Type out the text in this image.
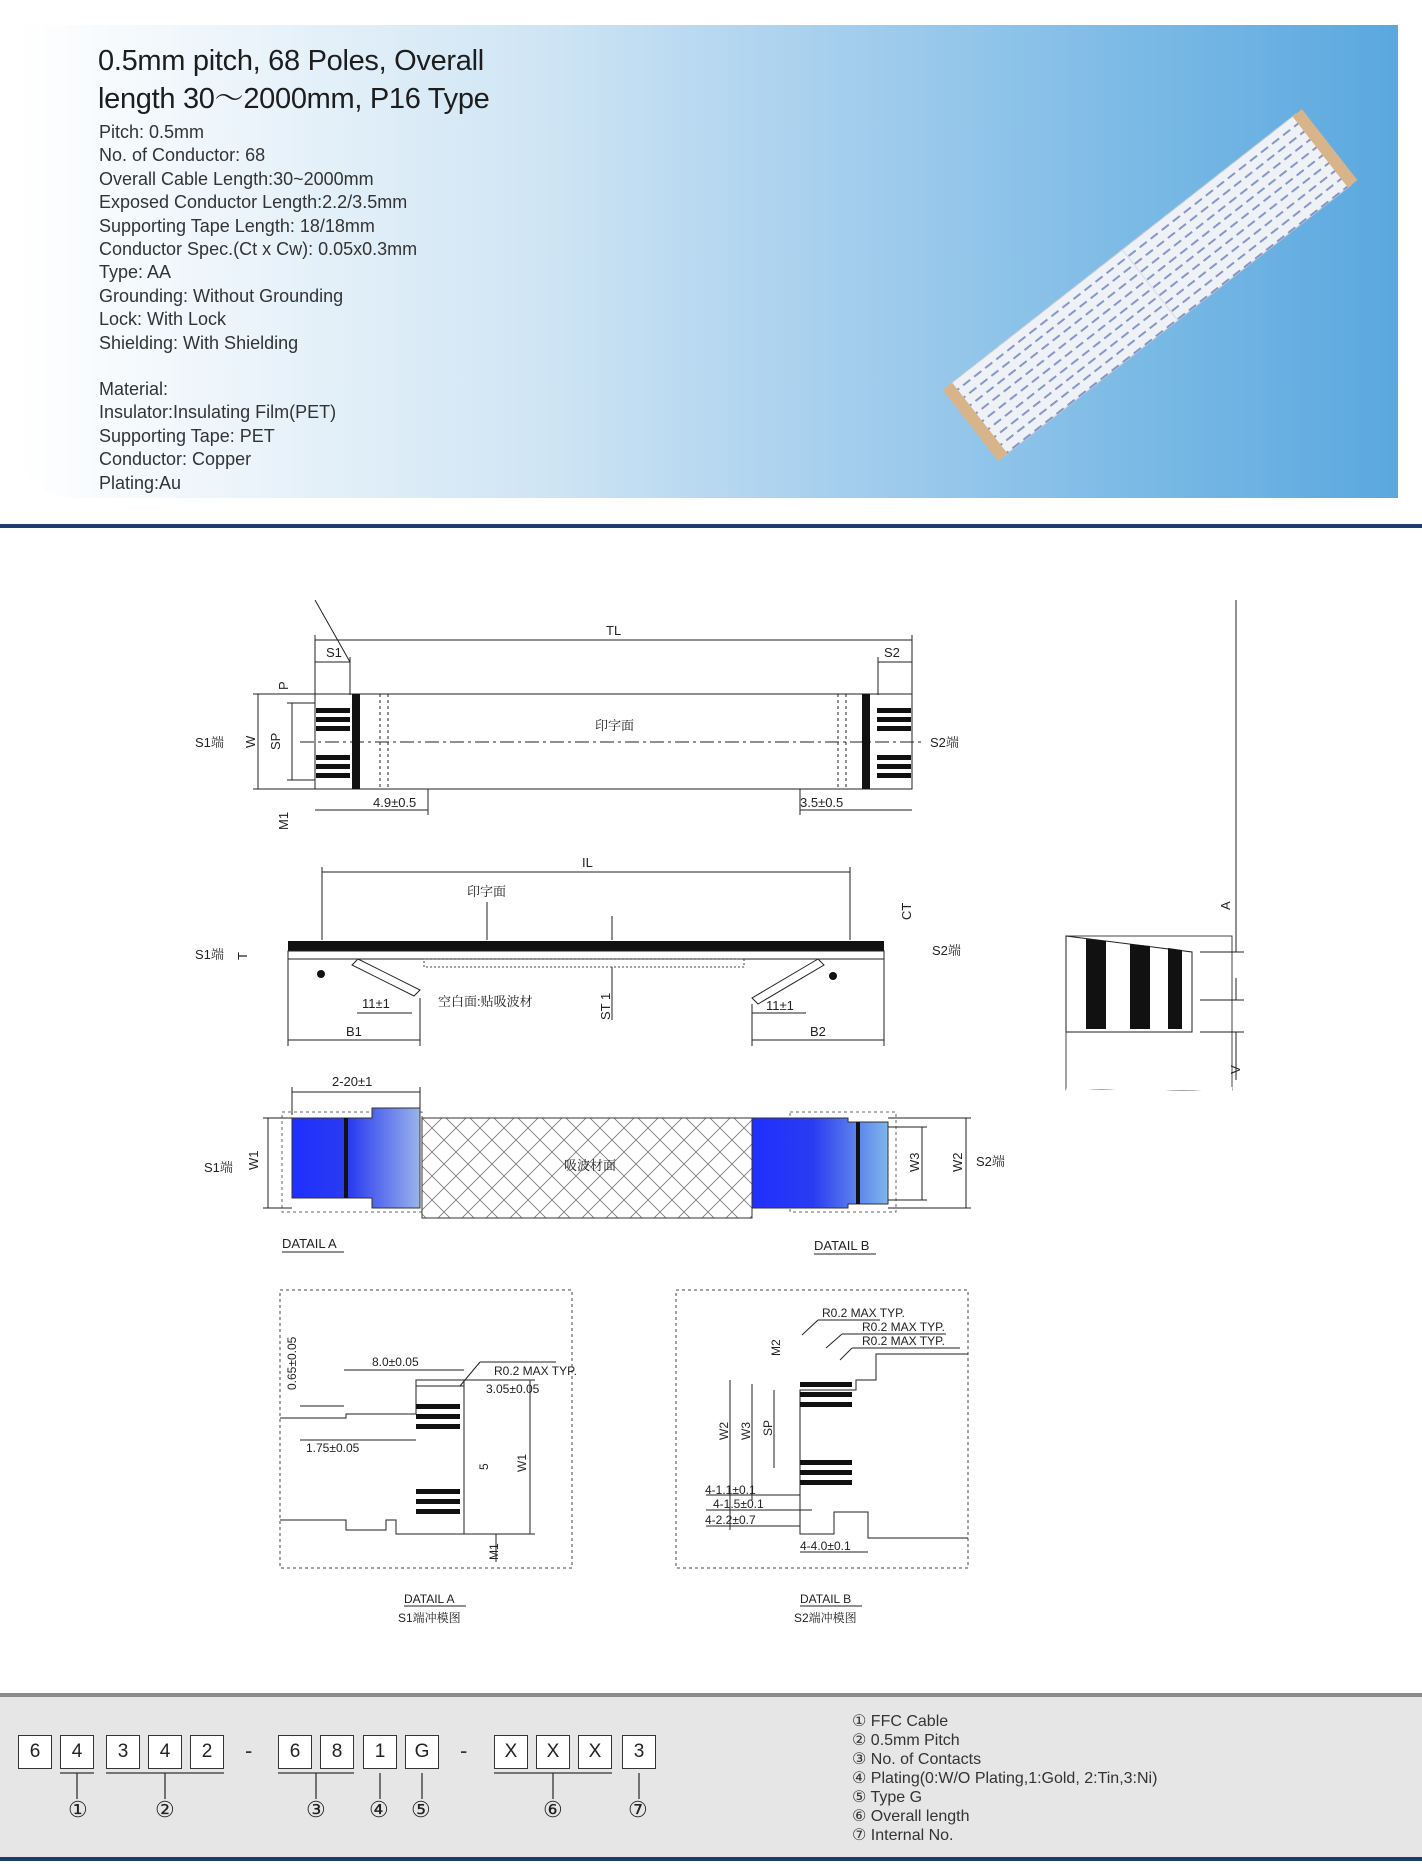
0.5mm pitch, 68 Poles, Overall
length 30～2000mm, P16 Type
Pitch: 0.5mm
No. of Conductor: 68
Overall Cable Length:30~2000mm
Exposed Conductor Length:2.2/3.5mm
Supporting Tape Length: 18/18mm
Conductor Spec.(Ct x Cw): 0.05x0.3mm
Type: AA
Grounding: Without Grounding
Lock: With Lock
Shielding: With Shielding
Material:
Insulator:Insulating Film(PET)
Supporting Tape: PET
Conductor: Copper
Plating:Au
TL
S1	S2
印字面
S1端	S2端
W SP
P
M1
4.9±0.5	3.5±0.5
IL
印字面
S1端	S2端
T
CT
ST 1
空白面:贴吸波材
11±1	11±1
B1	B2
A
V
2-20±1
吸波材面
S1端	S2端
W1	W3 W2
DATAIL A	DATAIL B
8.0±0.05
3.05±0.05
R0.2 MAX TYP.
0.65±0.05
1.75±0.05
5 W1
M1
DATAIL A
S1端冲模图
R0.2 MAX TYP.
R0.2 MAX TYP.
R0.2 MAX TYP.
M2
W2 W3 SP
4-1.1±0.1
4-1.5±0.1
4-2.2±0.7
4-4.0±0.1
DATAIL B
S2端冲模图
6	4	3	4	2	-	6	8	1	G	-	X	X	X	3
①	②	③ ④ ⑤	⑥	⑦
① FFC Cable
② 0.5mm Pitch
③ No. of Contacts
④ Plating(0:W/O Plating,1:Gold, 2:Tin,3:Ni)
⑤ Type G
⑥ Overall length
⑦ Internal No.
